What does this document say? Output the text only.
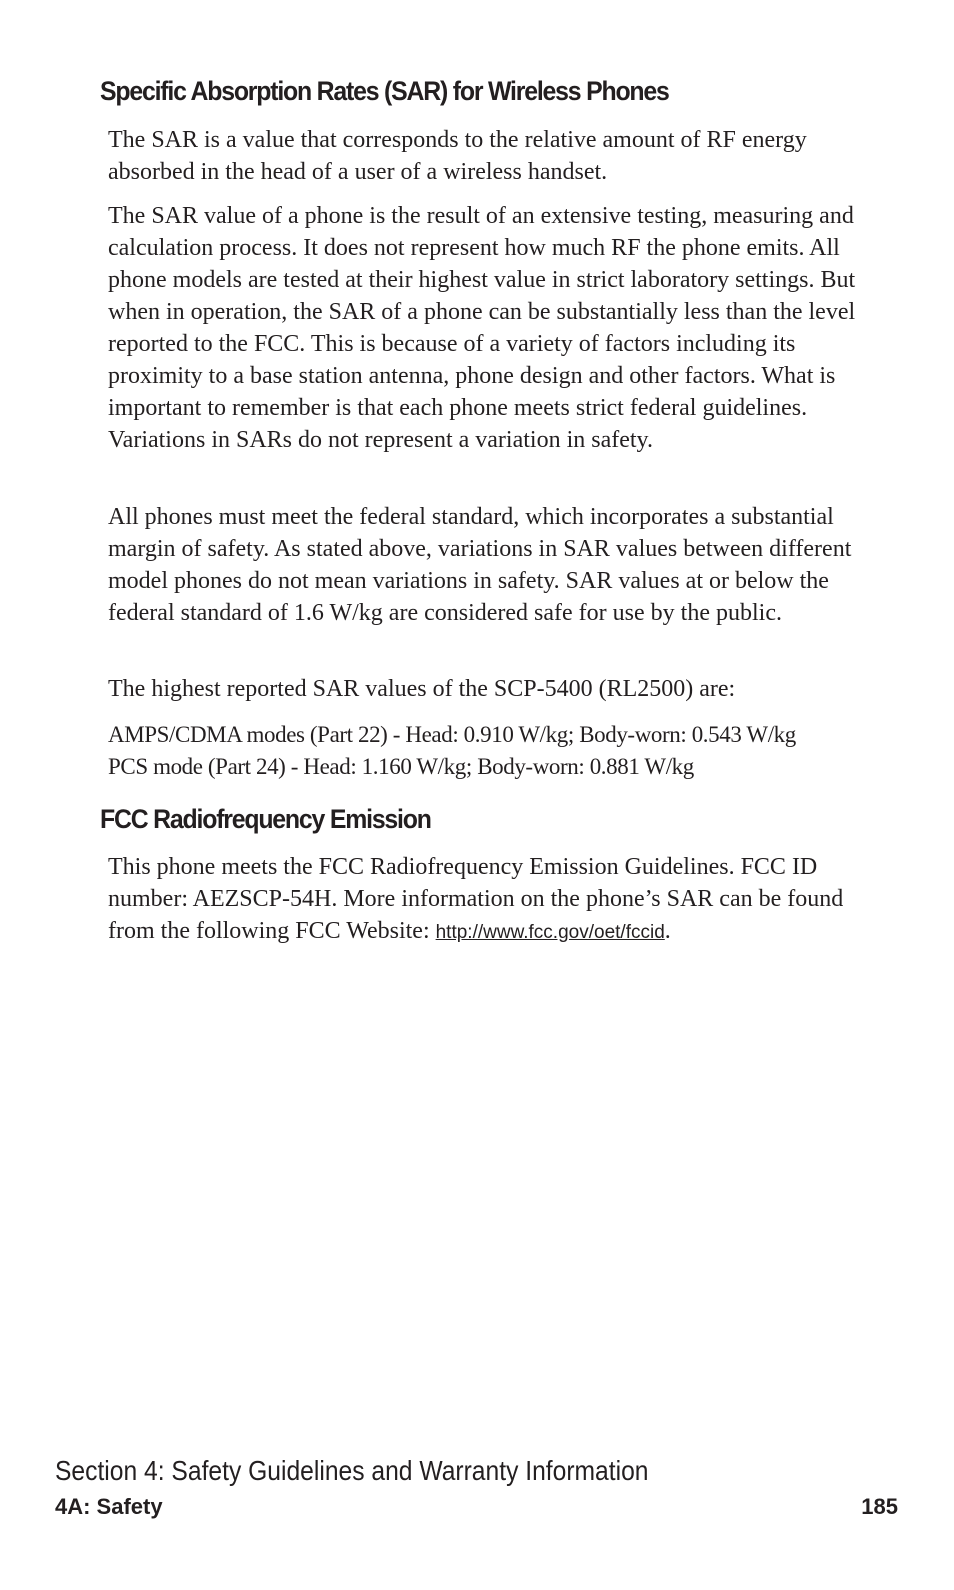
Specific Absorption Rates (SAR) for Wireless Phones

The SAR is a value that corresponds to the relative amount of RF energy absorbed in the head of a user of a wireless handset.

The SAR value of a phone is the result of an extensive testing, measuring and calculation process. It does not represent how much RF the phone emits. All phone models are tested at their highest value in strict laboratory settings. But when in operation, the SAR of a phone can be substantially less than the level reported to the FCC. This is because of a variety of factors including its proximity to a base station antenna, phone design and other factors. What is important to remember is that each phone meets strict federal guidelines. Variations in SARs do not represent a variation in safety.

All phones must meet the federal standard, which incorporates a substantial margin of safety. As stated above, variations in SAR values between different model phones do not mean variations in safety. SAR values at or below the federal standard of 1.6 W/kg are considered safe for use by the public.

The highest reported SAR values of the SCP-5400 (RL2500) are:

AMPS/CDMA modes (Part 22) - Head: 0.910 W/kg; Body-worn: 0.543 W/kg
PCS mode (Part 24) - Head: 1.160 W/kg; Body-worn: 0.881 W/kg

FCC Radiofrequency Emission

This phone meets the FCC Radiofrequency Emission Guidelines. FCC ID number: AEZSCP-54H. More information on the phone’s SAR can be found from the following FCC Website: http://www.fcc.gov/oet/fccid.

Section 4: Safety Guidelines and Warranty Information
4A: Safety	185
